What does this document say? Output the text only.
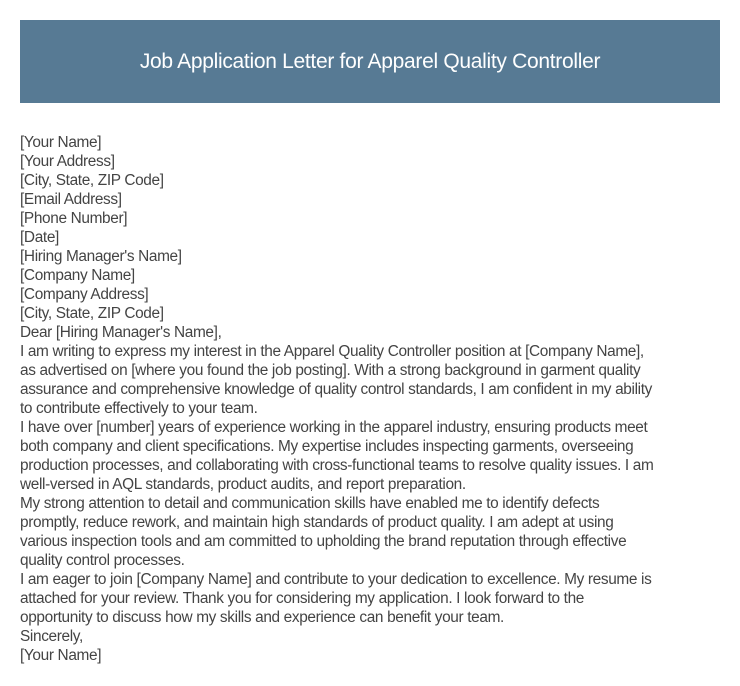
Job Application Letter for Apparel Quality Controller
[Your Name]
[Your Address]
[City, State, ZIP Code]
[Email Address]
[Phone Number]
[Date]
[Hiring Manager's Name]
[Company Name]
[Company Address]
[City, State, ZIP Code]
Dear [Hiring Manager's Name],
I am writing to express my interest in the Apparel Quality Controller position at [Company Name],
as advertised on [where you found the job posting]. With a strong background in garment quality
assurance and comprehensive knowledge of quality control standards, I am confident in my ability
to contribute effectively to your team.
I have over [number] years of experience working in the apparel industry, ensuring products meet
both company and client specifications. My expertise includes inspecting garments, overseeing
production processes, and collaborating with cross-functional teams to resolve quality issues. I am
well-versed in AQL standards, product audits, and report preparation.
My strong attention to detail and communication skills have enabled me to identify defects
promptly, reduce rework, and maintain high standards of product quality. I am adept at using
various inspection tools and am committed to upholding the brand reputation through effective
quality control processes.
I am eager to join [Company Name] and contribute to your dedication to excellence. My resume is
attached for your review. Thank you for considering my application. I look forward to the
opportunity to discuss how my skills and experience can benefit your team.
Sincerely,
[Your Name]
